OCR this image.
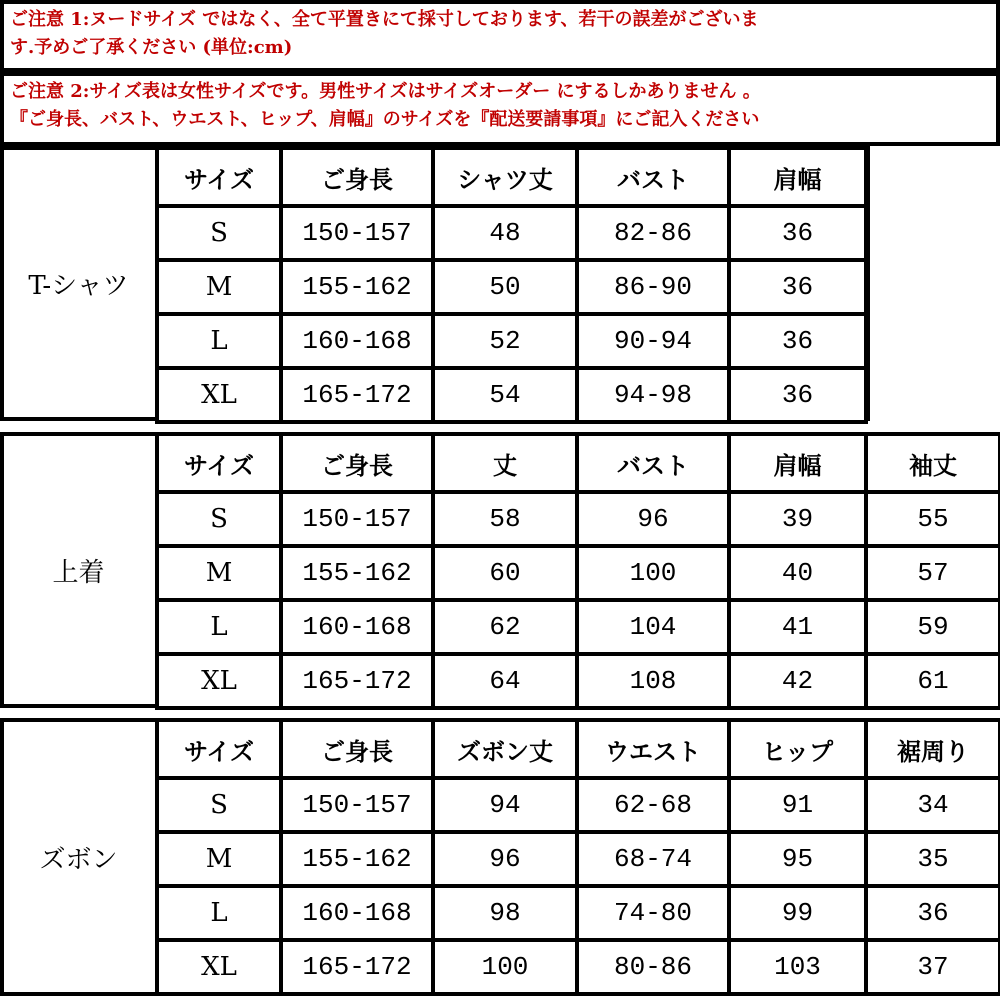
ご注意 1:ヌードサイズ ではなく、全て平置きにて採寸しております、若干の誤差がございま

す.予めご了承ください (単位:cm)

ご注意 2:サイズ表は女性サイズです。男性サイズはサイズオーダー にするしかありません 。

『ご身長、バスト、ウエスト、ヒップ、肩幅』のサイズを『配送要請事項』にご記入ください

T-シャツ
サイズ	ご身長	シャツ丈	バスト	肩幅
S	150-157	48	82-86	36
M	155-162	50	86-90	36
L	160-168	52	90-94	36
XL	165-172	54	94-98	36
上着
サイズ	ご身長	丈	バスト	肩幅	袖丈
S	150-157	58	96	39	55
M	155-162	60	100	40	57
L	160-168	62	104	41	59
XL	165-172	64	108	42	61
ズボン
サイズ	ご身長	ズボン丈	ウエスト	ヒップ	裾周り
S	150-157	94	62-68	91	34
M	155-162	96	68-74	95	35
L	160-168	98	74-80	99	36
XL	165-172	100	80-86	103	37
